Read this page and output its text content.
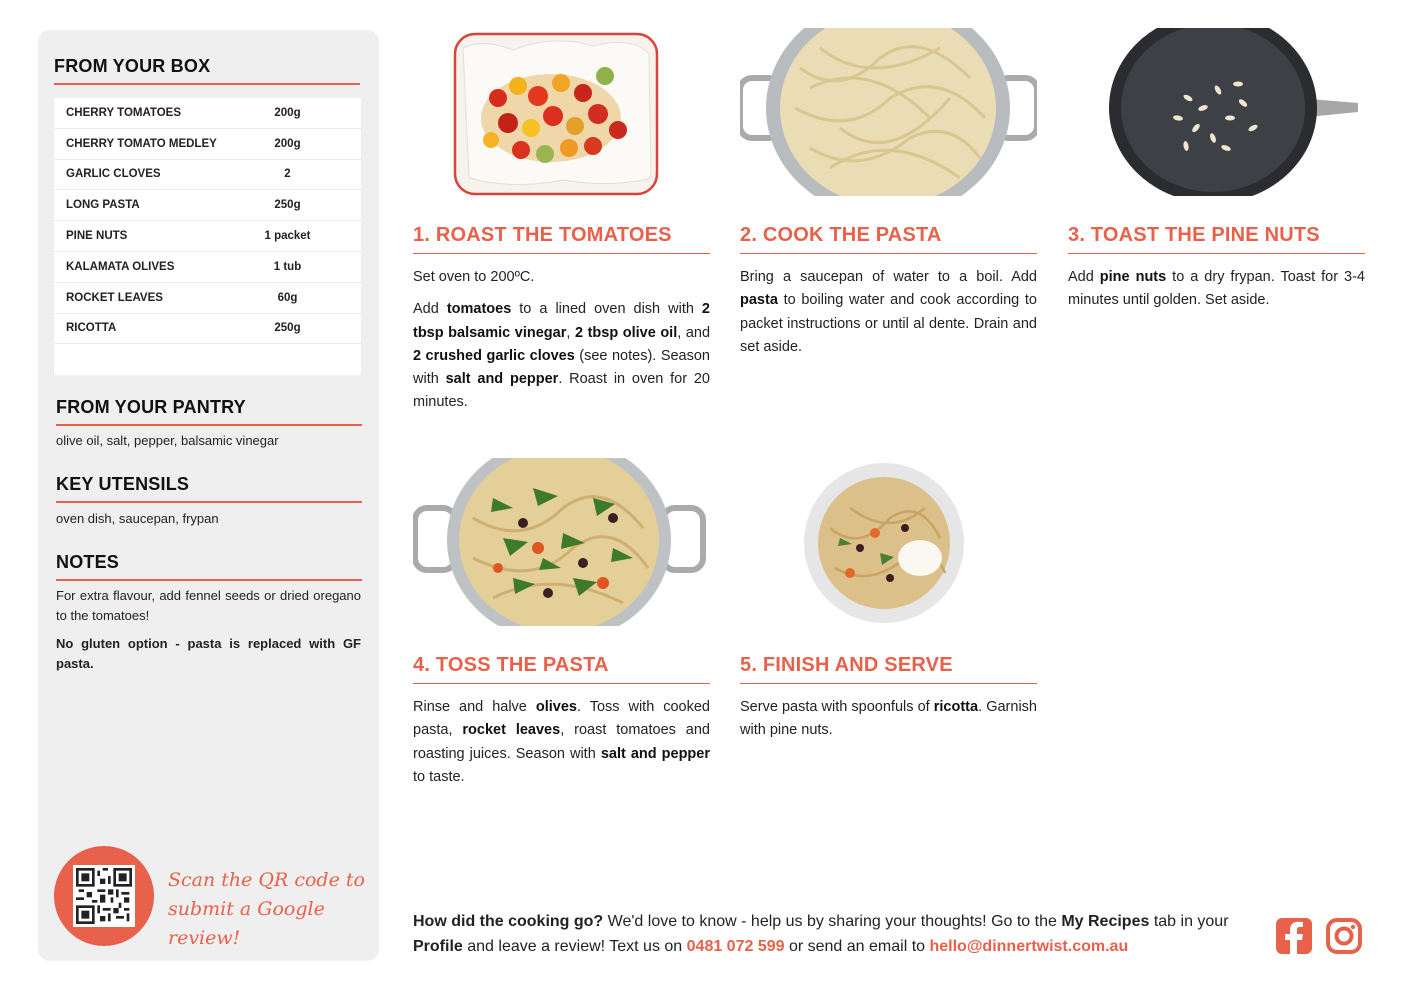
FROM YOUR BOX
CHERRY TOMATOES	200g
CHERRY TOMATO MEDLEY	200g
GARLIC CLOVES	2
LONG PASTA	250g
PINE NUTS	1 packet
KALAMATA OLIVES	1 tub
ROCKET LEAVES	60g
RICOTTA	250g
FROM YOUR PANTRY
olive oil, salt, pepper, balsamic vinegar
KEY UTENSILS
oven dish, saucepan, frypan
NOTES
For extra flavour, add fennel seeds or dried oregano to the tomatoes!
No gluten option - pasta is replaced with GF pasta.
Scan the QR code to
submit a Google review!
1. ROAST THE TOMATOES

Set oven to 200ºC.

Add tomatoes to a lined oven dish with 2 tbsp balsamic vinegar, 2 tbsp olive oil, and 2 crushed garlic cloves (see notes). Season with salt and pepper. Roast in oven for 20 minutes.

2. COOK THE PASTA

Bring a saucepan of water to a boil. Add pasta to boiling water and cook according to packet instructions or until al dente. Drain and set aside.

3. TOAST THE PINE NUTS

Add pine nuts to a dry frypan. Toast for 3-4 minutes until golden. Set aside.

4. TOSS THE PASTA

Rinse and halve olives. Toss with cooked pasta, rocket leaves, roast tomatoes and roasting juices. Season with salt and pepper to taste.

5. FINISH AND SERVE

Serve pasta with spoonfuls of ricotta. Garnish with pine nuts.

How did the cooking go? We'd love to know - help us by sharing your thoughts! Go to the My Recipes tab in your Profile and leave a review! Text us on 0481 072 599 or send an email to hello@dinnertwist.com.au
